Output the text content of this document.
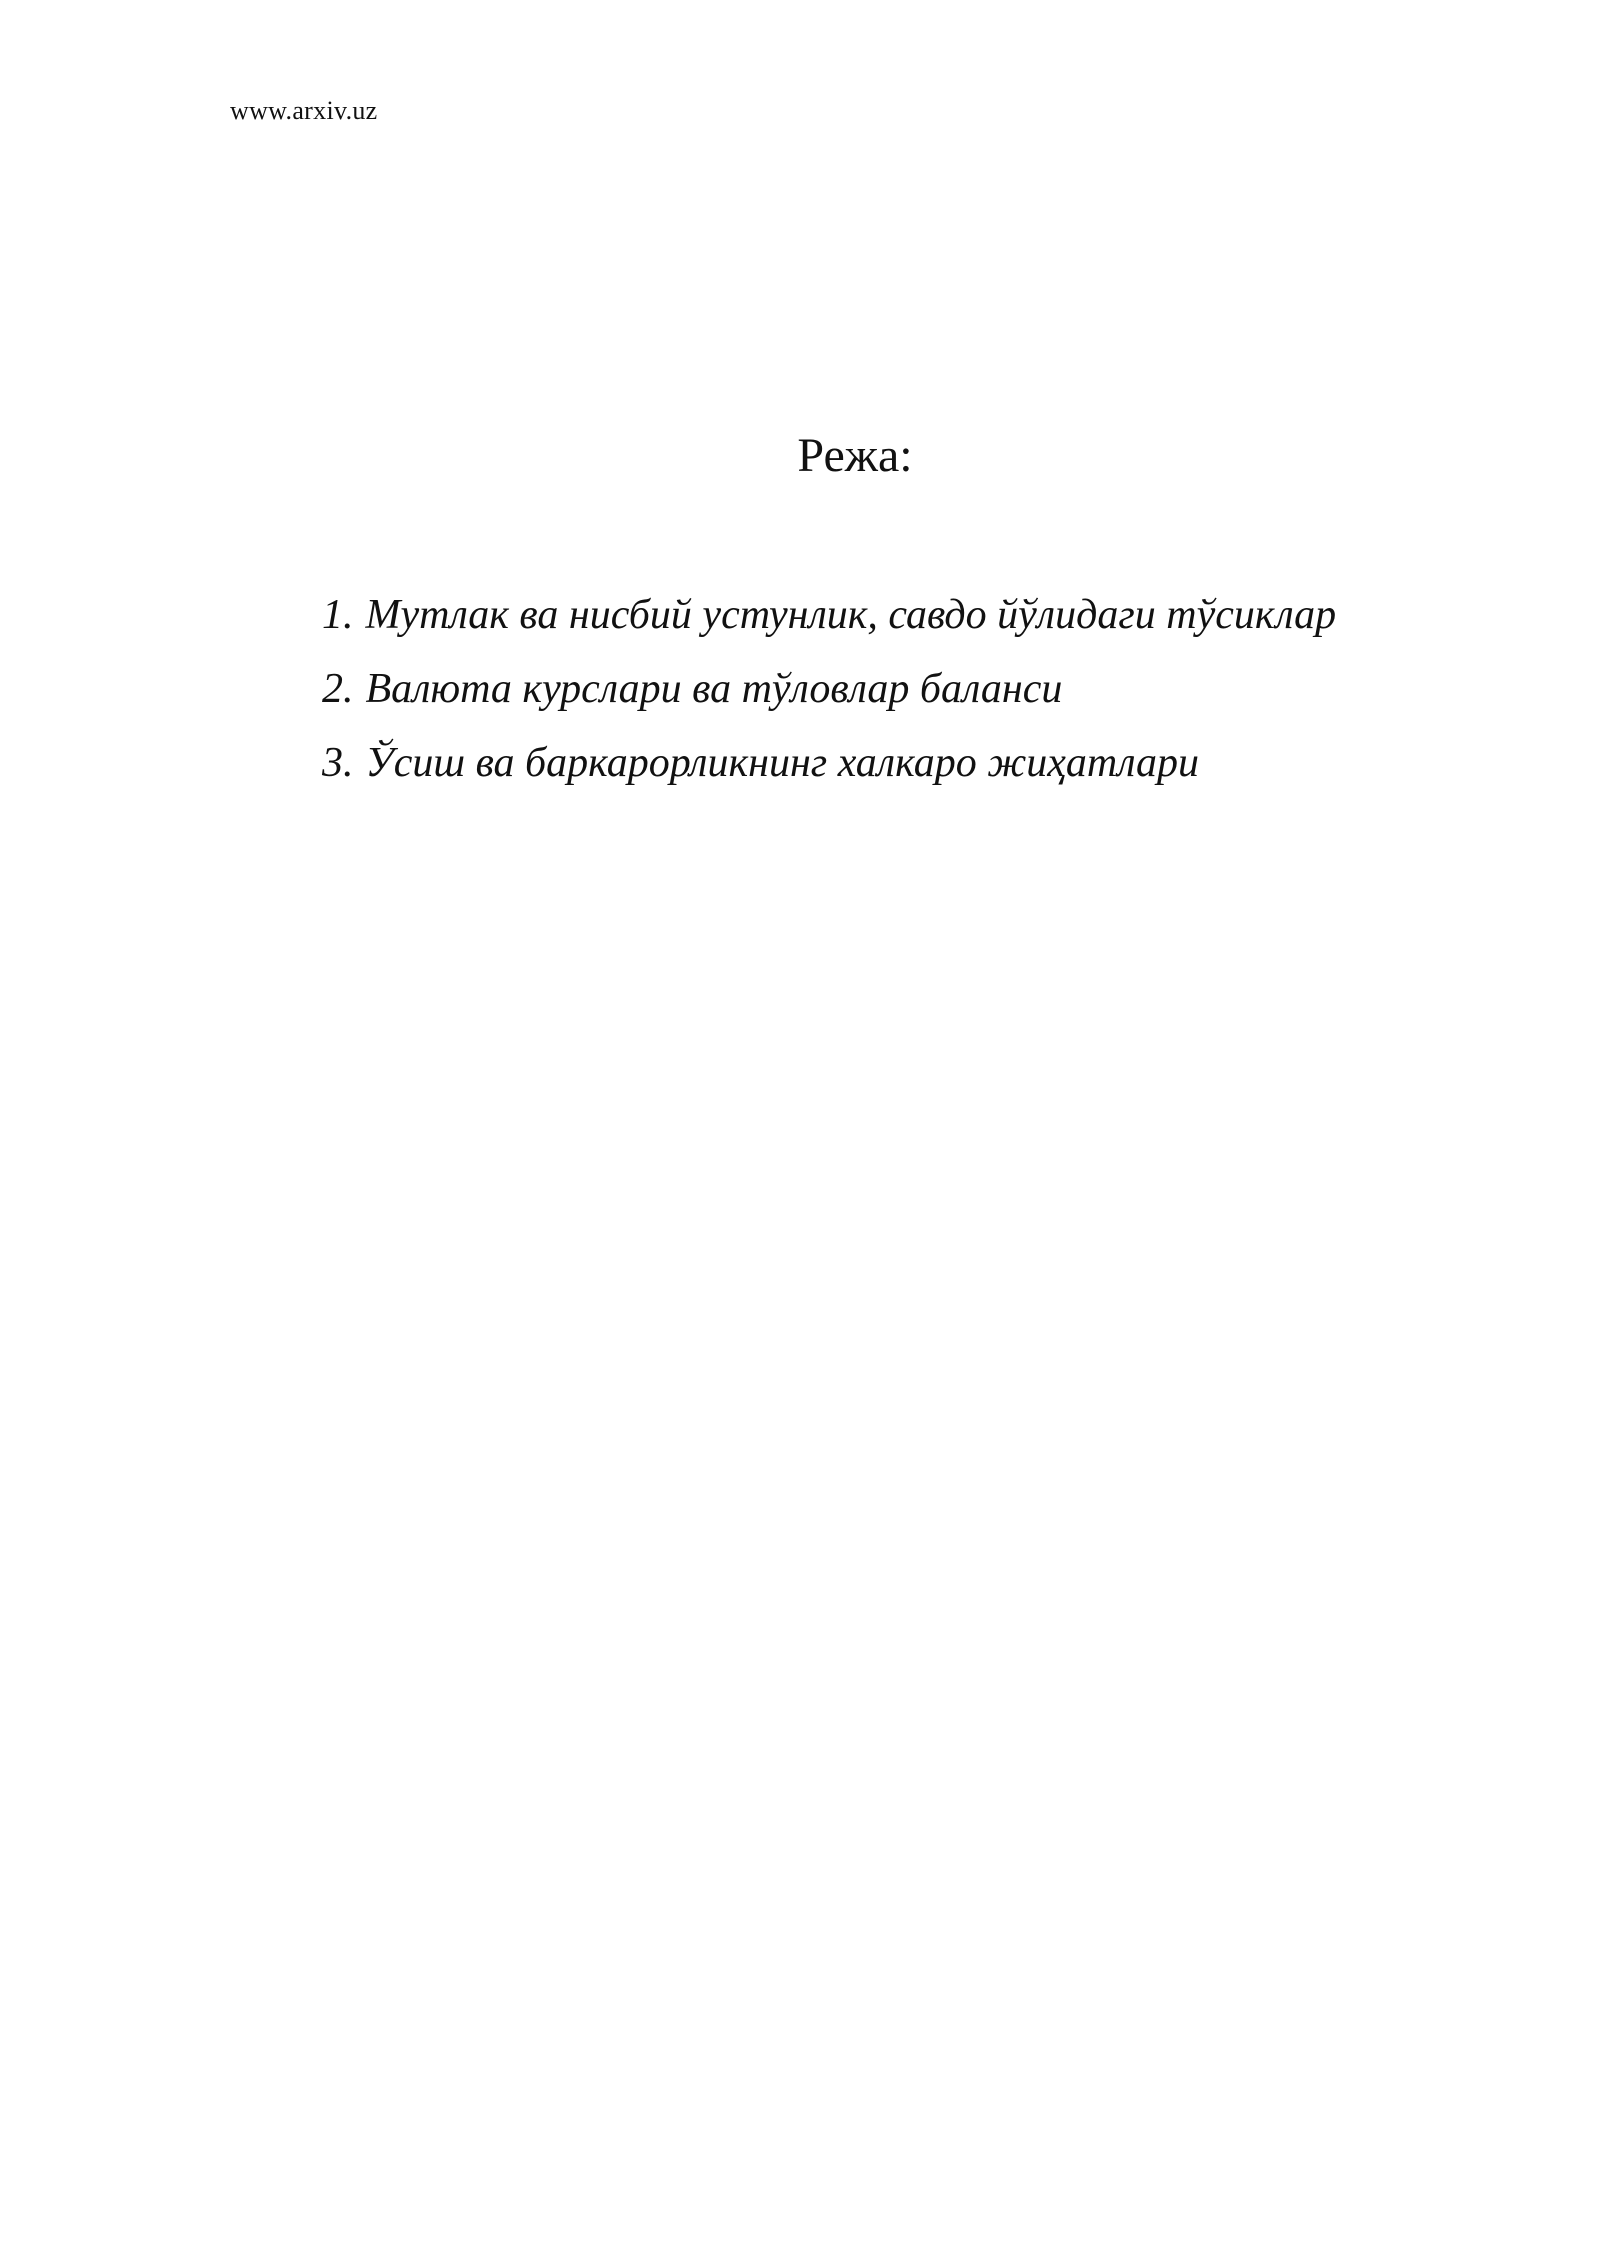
www.arxiv.uz
Режа:
1. Мутлак ва нисбий устунлик, савдо йўлидаги тўсиклар
2. Валюта курслари ва тўловлар баланси
3. Ўсиш ва баркарорликнинг халкаро жиҳатлари
